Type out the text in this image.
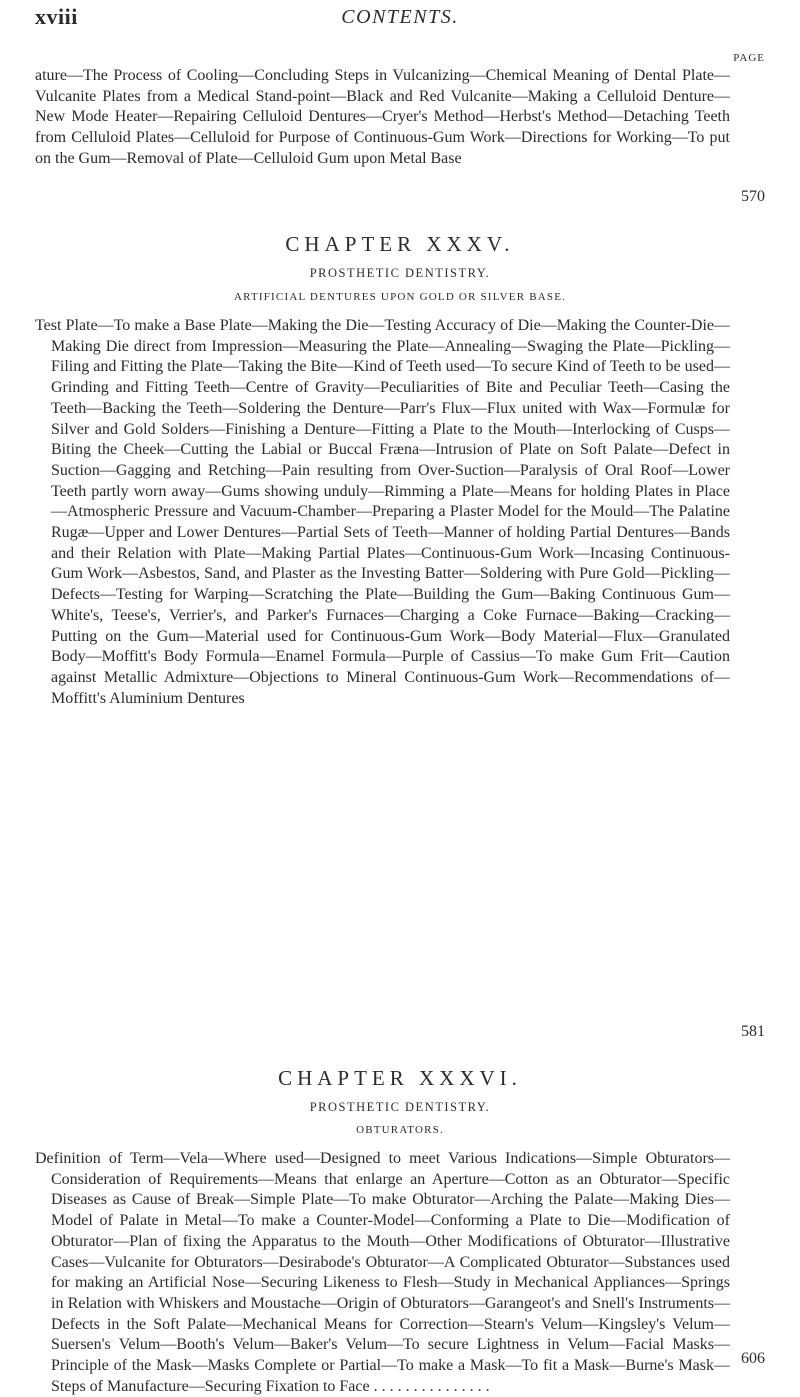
xviii	CONTENTS.
PAGE
ature—The Process of Cooling—Concluding Steps in Vulcanizing—Chemical Meaning of Dental Plate—Vulcanite Plates from a Medical Stand-point—Black and Red Vulcanite—Making a Celluloid Denture—New Mode Heater—Repairing Celluloid Dentures—Cryer's Method—Herbst's Method—Detaching Teeth from Celluloid Plates—Celluloid for Purpose of Continuous-Gum Work—Directions for Working—To put on the Gum—Removal of Plate—Celluloid Gum upon Metal Base
570
CHAPTER XXXV.
PROSTHETIC DENTISTRY.
ARTIFICIAL DENTURES UPON GOLD OR SILVER BASE.
Test Plate—To make a Base Plate—Making the Die—Testing Accuracy of Die—Making the Counter-Die—Making Die direct from Impression—Measuring the Plate—Annealing—Swaging the Plate—Pickling—Filing and Fitting the Plate—Taking the Bite—Kind of Teeth used—To secure Kind of Teeth to be used—Grinding and Fitting Teeth—Centre of Gravity—Peculiarities of Bite and Peculiar Teeth—Casing the Teeth—Backing the Teeth—Soldering the Denture—Parr's Flux—Flux united with Wax—Formulæ for Silver and Gold Solders—Finishing a Denture—Fitting a Plate to the Mouth—Interlocking of Cusps—Biting the Cheek—Cutting the Labial or Buccal Fræna—Intrusion of Plate on Soft Palate—Defect in Suction—Gagging and Retching—Pain resulting from Over-Suction—Paralysis of Oral Roof—Lower Teeth partly worn away—Gums showing unduly—Rimming a Plate—Means for holding Plates in Place—Atmospheric Pressure and Vacuum-Chamber—Preparing a Plaster Model for the Mould—The Palatine Rugæ—Upper and Lower Dentures—Partial Sets of Teeth—Manner of holding Partial Dentures—Bands and their Relation with Plate—Making Partial Plates—Continuous-Gum Work—Incasing Continuous-Gum Work—Asbestos, Sand, and Plaster as the Investing Batter—Soldering with Pure Gold—Pickling—Defects—Testing for Warping—Scratching the Plate—Building the Gum—Baking Continuous Gum—White's, Teese's, Verrier's, and Parker's Furnaces—Charging a Coke Furnace—Baking—Cracking—Putting on the Gum—Material used for Continuous-Gum Work—Body Material—Flux—Granulated Body—Moffitt's Body Formula—Enamel Formula—Purple of Cassius—To make Gum Frit—Caution against Metallic Admixture—Objections to Mineral Continuous-Gum Work—Recommendations of—Moffitt's Aluminium Dentures
581
CHAPTER XXXVI.
PROSTHETIC DENTISTRY.
OBTURATORS.
Definition of Term—Vela—Where used—Designed to meet Various Indications—Simple Obturators—Consideration of Requirements—Means that enlarge an Aperture—Cotton as an Obturator—Specific Diseases as Cause of Break—Simple Plate—To make Obturator—Arching the Palate—Making Dies—Model of Palate in Metal—To make a Counter-Model—Conforming a Plate to Die—Modification of Obturator—Plan of fixing the Apparatus to the Mouth—Other Modifications of Obturator—Illustrative Cases—Vulcanite for Obturators—Desirabode's Obturator—A Complicated Obturator—Substances used for making an Artificial Nose—Securing Likeness to Flesh—Study in Mechanical Appliances—Springs in Relation with Whiskers and Moustache—Origin of Obturators—Garangeot's and Snell's Instruments—Defects in the Soft Palate—Mechanical Means for Correction—Stearn's Velum—Kingsley's Velum—Suersen's Velum—Booth's Velum—Baker's Velum—To secure Lightness in Velum—Facial Masks—Principle of the Mask—Masks Complete or Partial—To make a Mask—To fit a Mask—Burne's Mask—Steps of Manufacture—Securing Fixation to Face . . . . . . . . . . . . . . .
606
